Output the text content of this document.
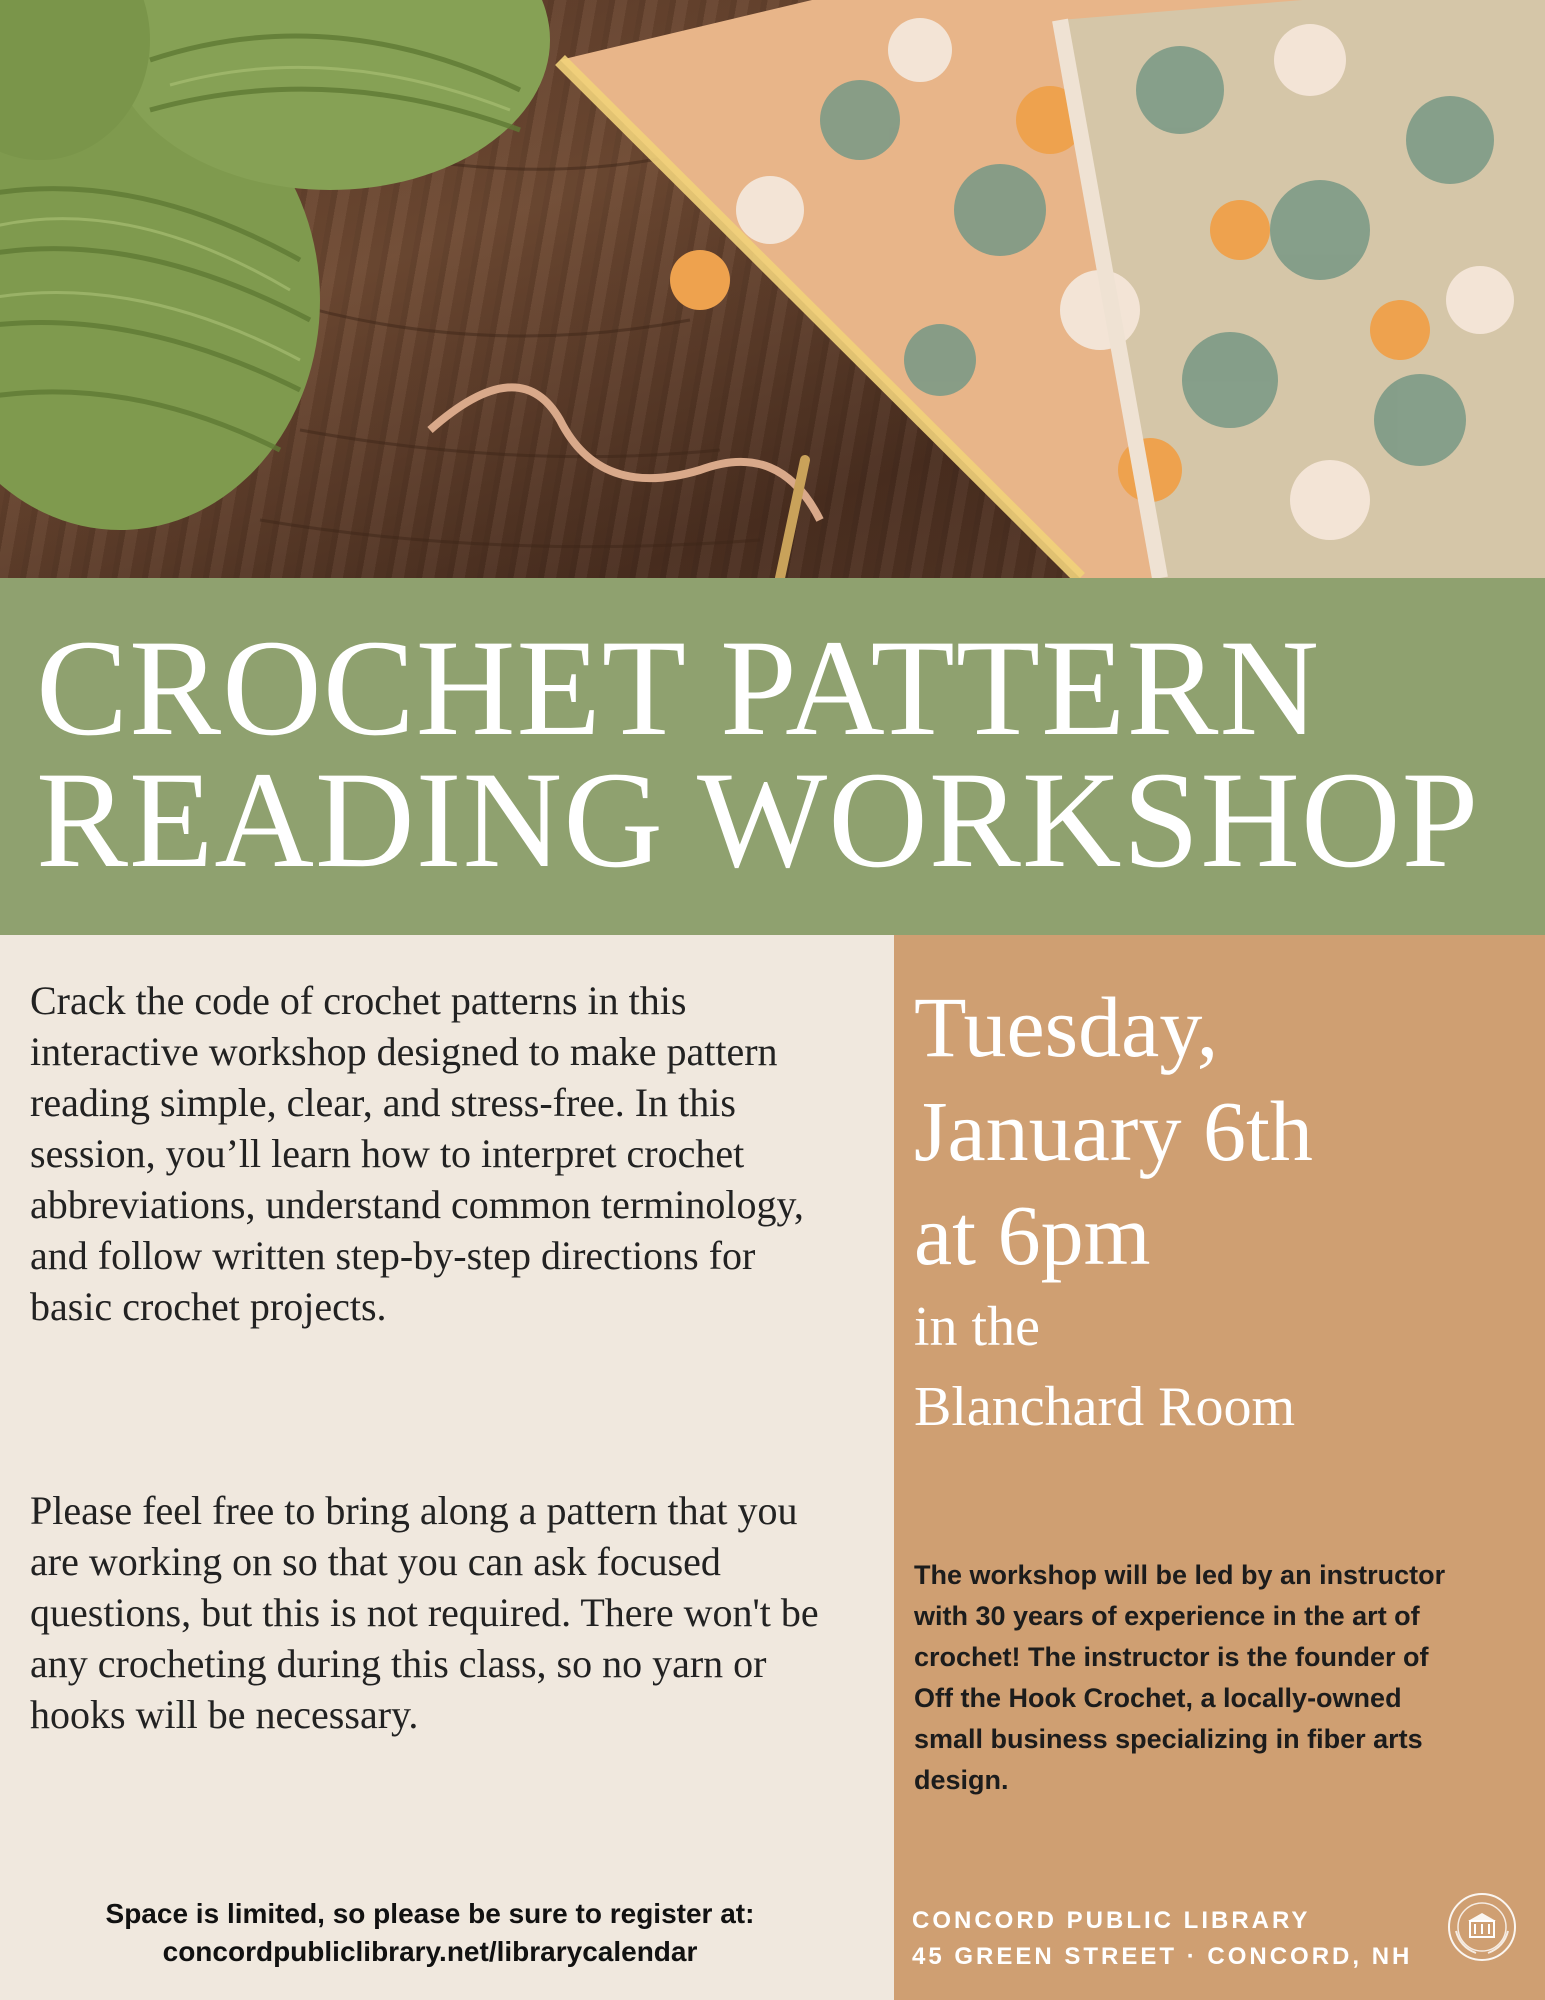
CROCHET PATTERN
READING WORKSHOP
Crack the code of crochet patterns in this interactive workshop designed to make pattern reading simple, clear, and stress-free. In this session, you’ll learn how to interpret crochet abbreviations, understand common terminology, and follow written step-by-step directions for basic crochet projects.
Please feel free to bring along a pattern that you are working on so that you can ask focused questions, but this is not required. There won't be any crocheting during this class, so no yarn or hooks will be necessary.
Space is limited, so please be sure to register at:
concordpubliclibrary.net/librarycalendar
Tuesday,
January 6th
at 6pm
in the
Blanchard Room
The workshop will be led by an instructor with 30 years of experience in the art of crochet! The instructor is the founder of Off the Hook Crochet, a locally-owned small business specializing in fiber arts design.
CONCORD PUBLIC LIBRARY
45 GREEN STREET · CONCORD, NH
